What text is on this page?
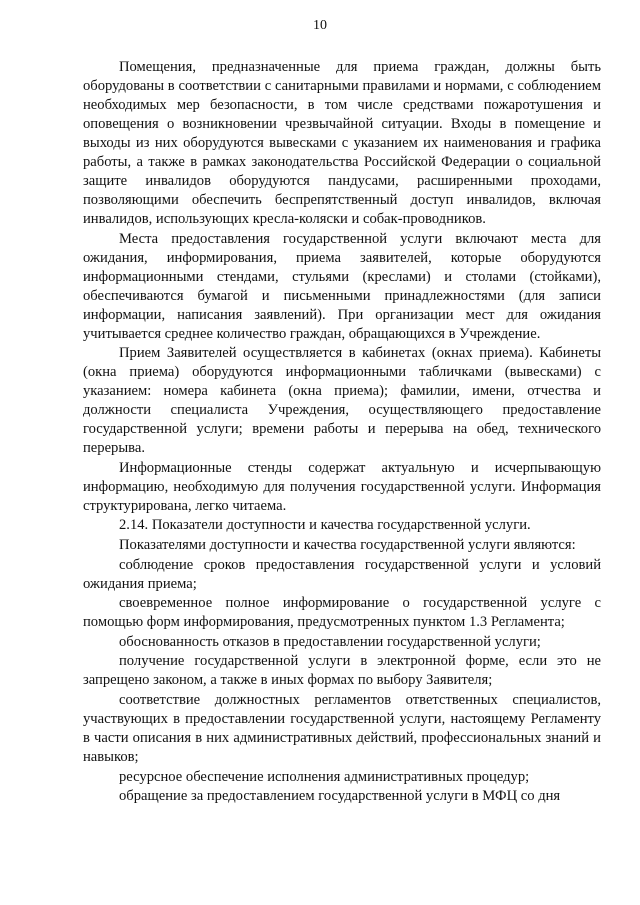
10

Помещения, предназначенные для приема граждан, должны быть оборудованы в соответствии с санитарными правилами и нормами, с соблюдением необходимых мер безопасности, в том числе средствами пожаротушения и оповещения о возникновении чрезвычайной ситуации. Входы в помещение и выходы из них оборудуются вывесками с указанием их наименования и графика работы, а также в рамках законодательства Российской Федерации о социальной защите инвалидов оборудуются пандусами, расширенными проходами, позволяющими обеспечить беспрепятственный доступ инвалидов, включая инвалидов, использующих кресла-коляски и собак-проводников.

Места предоставления государственной услуги включают места для ожидания, информирования, приема заявителей, которые оборудуются информационными стендами, стульями (креслами) и столами (стойками), обеспечиваются бумагой и письменными принадлежностями (для записи информации, написания заявлений). При организации мест для ожидания учитывается среднее количество граждан, обращающихся в Учреждение.

Прием Заявителей осуществляется в кабинетах (окнах приема). Кабинеты (окна приема) оборудуются информационными табличками (вывесками) с указанием: номера кабинета (окна приема); фамилии, имени, отчества и должности специалиста Учреждения, осуществляющего предоставление государственной услуги; времени работы и перерыва на обед, технического перерыва.

Информационные стенды содержат актуальную и исчерпывающую информацию, необходимую для получения государственной услуги. Информация структурирована, легко читаема.

2.14. Показатели доступности и качества государственной услуги.

Показателями доступности и качества государственной услуги являются:

соблюдение сроков предоставления государственной услуги и условий ожидания приема;

своевременное полное информирование о государственной услуге с помощью форм информирования, предусмотренных пунктом 1.3 Регламента;

обоснованность отказов в предоставлении государственной услуги;

получение государственной услуги в электронной форме, если это не запрещено законом, а также в иных формах по выбору Заявителя;

соответствие должностных регламентов ответственных специалистов, участвующих в предоставлении государственной услуги, настоящему Регламенту в части описания в них административных действий, профессиональных знаний и навыков;

ресурсное обеспечение исполнения административных процедур;

обращение за предоставлением государственной услуги в МФЦ со дня
